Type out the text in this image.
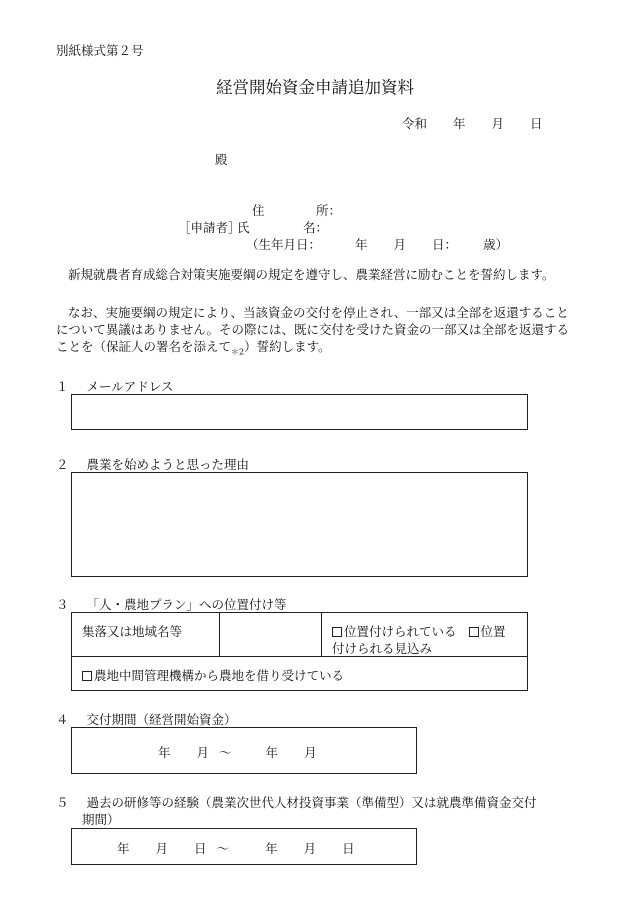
別紙様式第２号
経営開始資金申請追加資料
令和 年 月 日
殿
住	所：
［申請者］
氏	名：
（生年月日：	年 月 日： 歳）
新規就農者育成総合対策実施要綱の規定を遵守し、農業経営に励むことを誓約します。
なお、実施要綱の規定により、当該資金の交付を停止され、一部又は全部を返還することについて異議はありません。その際には、既に交付を受けた資金の一部又は全部を返還することを（保証人の署名を添えて$_{*2}$）誓約します。
１ メールアドレス
２ 農業を始めようと思った理由
３ 「人・農地プラン」への位置付け等
集落又は地域名等	位置付けられている 位置
付けられる見込み
農地中間管理機構から農地を借り受けている
４ 交付期間（経営開始資金）
年 月 〜	年 月
５ 過去の研修等の経験（農業次世代人材投資事業（準備型）又は就農準備資金交付
期間）
年 月 日 〜	年 月 日
